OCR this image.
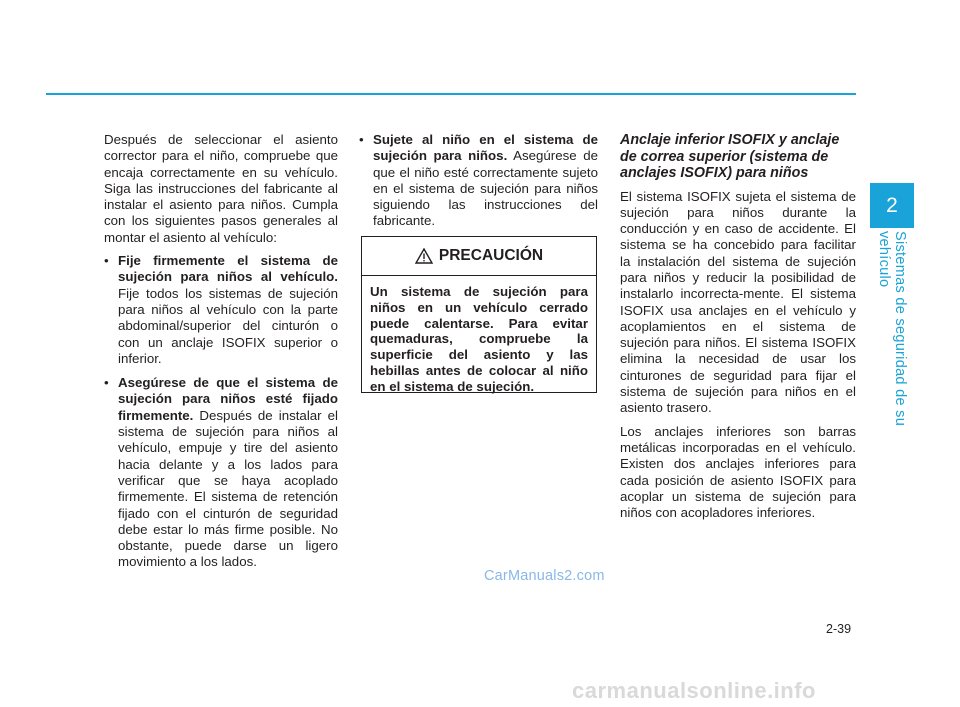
Después de seleccionar el asiento corrector para el niño, compruebe que encaja correctamente en su vehículo. Siga las instrucciones del fabricante al instalar el asiento para niños. Cumpla con los siguientes pasos generales al montar el asiento al vehículo:

• Fije firmemente el sistema de sujeción para niños al vehículo. Fije todos los sistemas de sujeción para niños al vehículo con la parte abdominal/superior del cinturón o con un anclaje ISOFIX superior o inferior.
• Asegúrese de que el sistema de sujeción para niños esté fijado firmemente. Después de instalar el sistema de sujeción para niños al vehículo, empuje y tire del asiento hacia delante y a los lados para verificar que se haya acoplado firmemente. El sistema de retención fijado con el cinturón de seguridad debe estar lo más firme posible. No obstante, puede darse un ligero movimiento a los lados.
• Sujete al niño en el sistema de sujeción para niños. Asegúrese de que el niño esté correctamente sujeto en el sistema de sujeción para niños siguiendo las instrucciones del fabricante.
PRECAUCIÓN
Un sistema de sujeción para niños en un vehículo cerrado puede calentarse. Para evitar quemaduras, compruebe la superficie del asiento y las hebillas antes de colocar al niño en el sistema de sujeción.

Anclaje inferior ISOFIX y anclaje de correa superior (sistema de anclajes ISOFIX) para niños

El sistema ISOFIX sujeta el sistema de sujeción para niños durante la conducción y en caso de accidente. El sistema se ha concebido para facilitar la instalación del sistema de sujeción para niños y reducir la posibilidad de instalarlo incorrecta-mente. El sistema ISOFIX usa anclajes en el vehículo y acoplamientos en el sistema de sujeción para niños. El sistema ISOFIX elimina la necesidad de usar los cinturones de seguridad para fijar el sistema de sujeción para niños en el asiento trasero.

Los anclajes inferiores son barras metálicas incorporadas en el vehículo. Existen dos anclajes inferiores para cada posición de asiento ISOFIX para acoplar un sistema de sujeción para niños con acopladores inferiores.

2
Sistemas de seguridad de su vehículo
2-39
CarManuals2.com
carmanualsonline.info
